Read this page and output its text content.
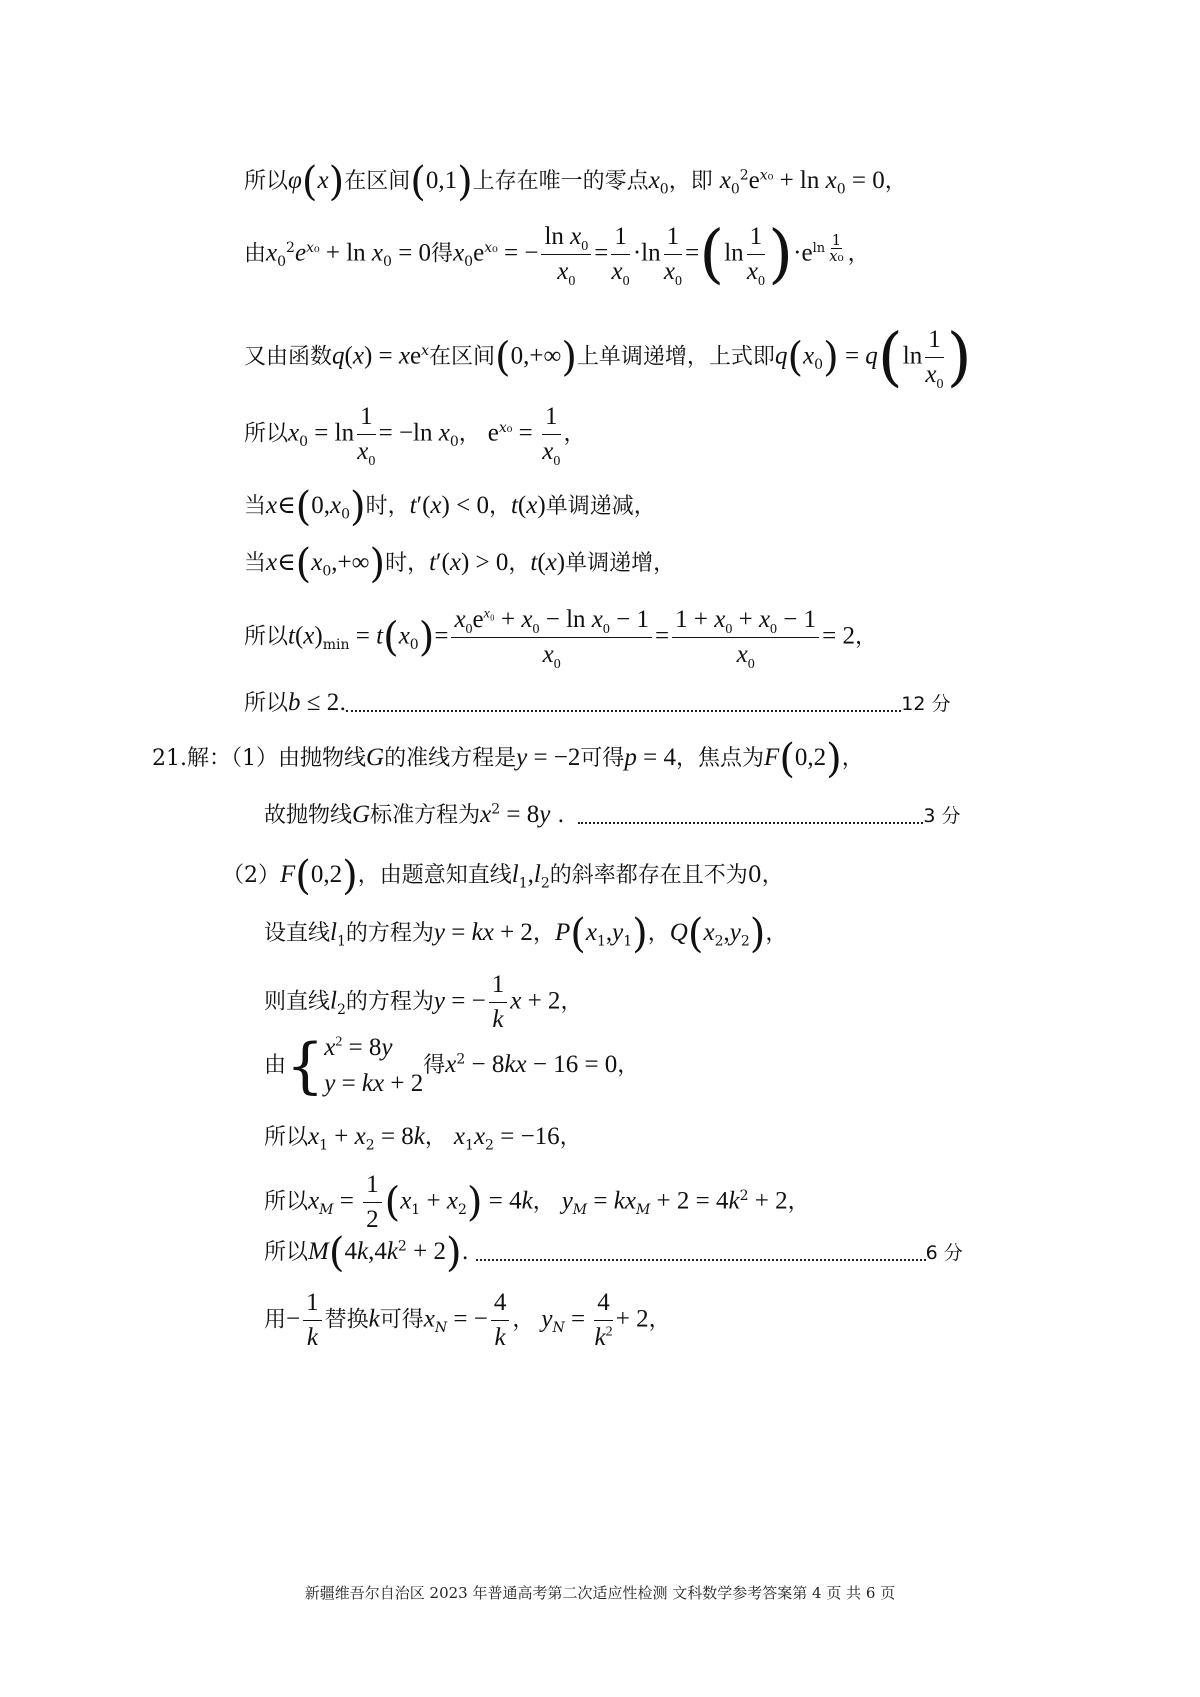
所以φ(x)在区间(0,1)上存在唯一的零点$x_0$，即 $x_0^2e^{x_0} + \ln x_0 = 0$，
由$x_0^2e^{x_0} + \ln x_0 = 0$得$x_0e^{x_0}$ = − $\frac{\ln x_0}{x_0} = \frac{1}{x_0} \cdot\ln \frac{1}{x_0} =(\ln \frac{1}{x_0} )\cdot e^{ln \frac{1}{\text{x₀}}}$ ，
又由函数$q(x) = xe^x$在区间(0,+∞)上单调递增，上式即$q(x_0) = q(\ln \frac{1}{x_0}$ )
所以$x_0 = \ln \frac{1}{x_0} = -\ln$ $x_0$， $e^{x_0} = \frac{1}{x_0}$ ，
当$x\in(0,x_0)$时，t′(x) < 0，t(x)单调递减，
当$x\in(x_0,+\infty)$时，t′(x) > 0，t(x)单调递增，
所以$t(x)_{min} = t(x_0)= \frac{x_0e^{x_0} + x_0 - \ln x_0 - 1}{x_0} = \frac{1 + x_0 + x_0 - 1}{x_0} = 2$，
所以b ≤ 2.	12 分
21.解：（1）由抛物线G的准线方程是y = −2可得p = 4，焦点为F(0,2)，
故抛物线G标准方程为$x^2 = 8y$ .	3 分
（2）F(0,2)，由题意知直线$l_1,l_2$的斜率都存在且不为0，
设直线$l_1$的方程为y = kx + 2，$P(x_1,y_1)$，$Q(x_2,y_2)$，
则直线$l_2$的方程为y = − $\frac{1}{k}$ x + 2，
由{ $x^2 = 8y$
y = kx + 2
得$x^2 - 8kx - 16 = 0$，
所以$x_1 + x_2 = 8k$， $x_1x_2 = -16$，
所以$x_M = \frac{1}{2} (x_1 + x_2) = 4k$， $y_M = kx_M + 2 = 4k^2 + 2$，
所以$M(4k,4k^2 + 2)$.	6 分
用− $\frac{1}{k}$ 替换k可得$x_N$ = − $\frac{4}{k}$ ， $y_N = \frac{4}{k^2} + 2$，
新疆维吾尔自治区 2023 年普通高考第二次适应性检测 文科数学参考答案第 4 页 共 6 页
